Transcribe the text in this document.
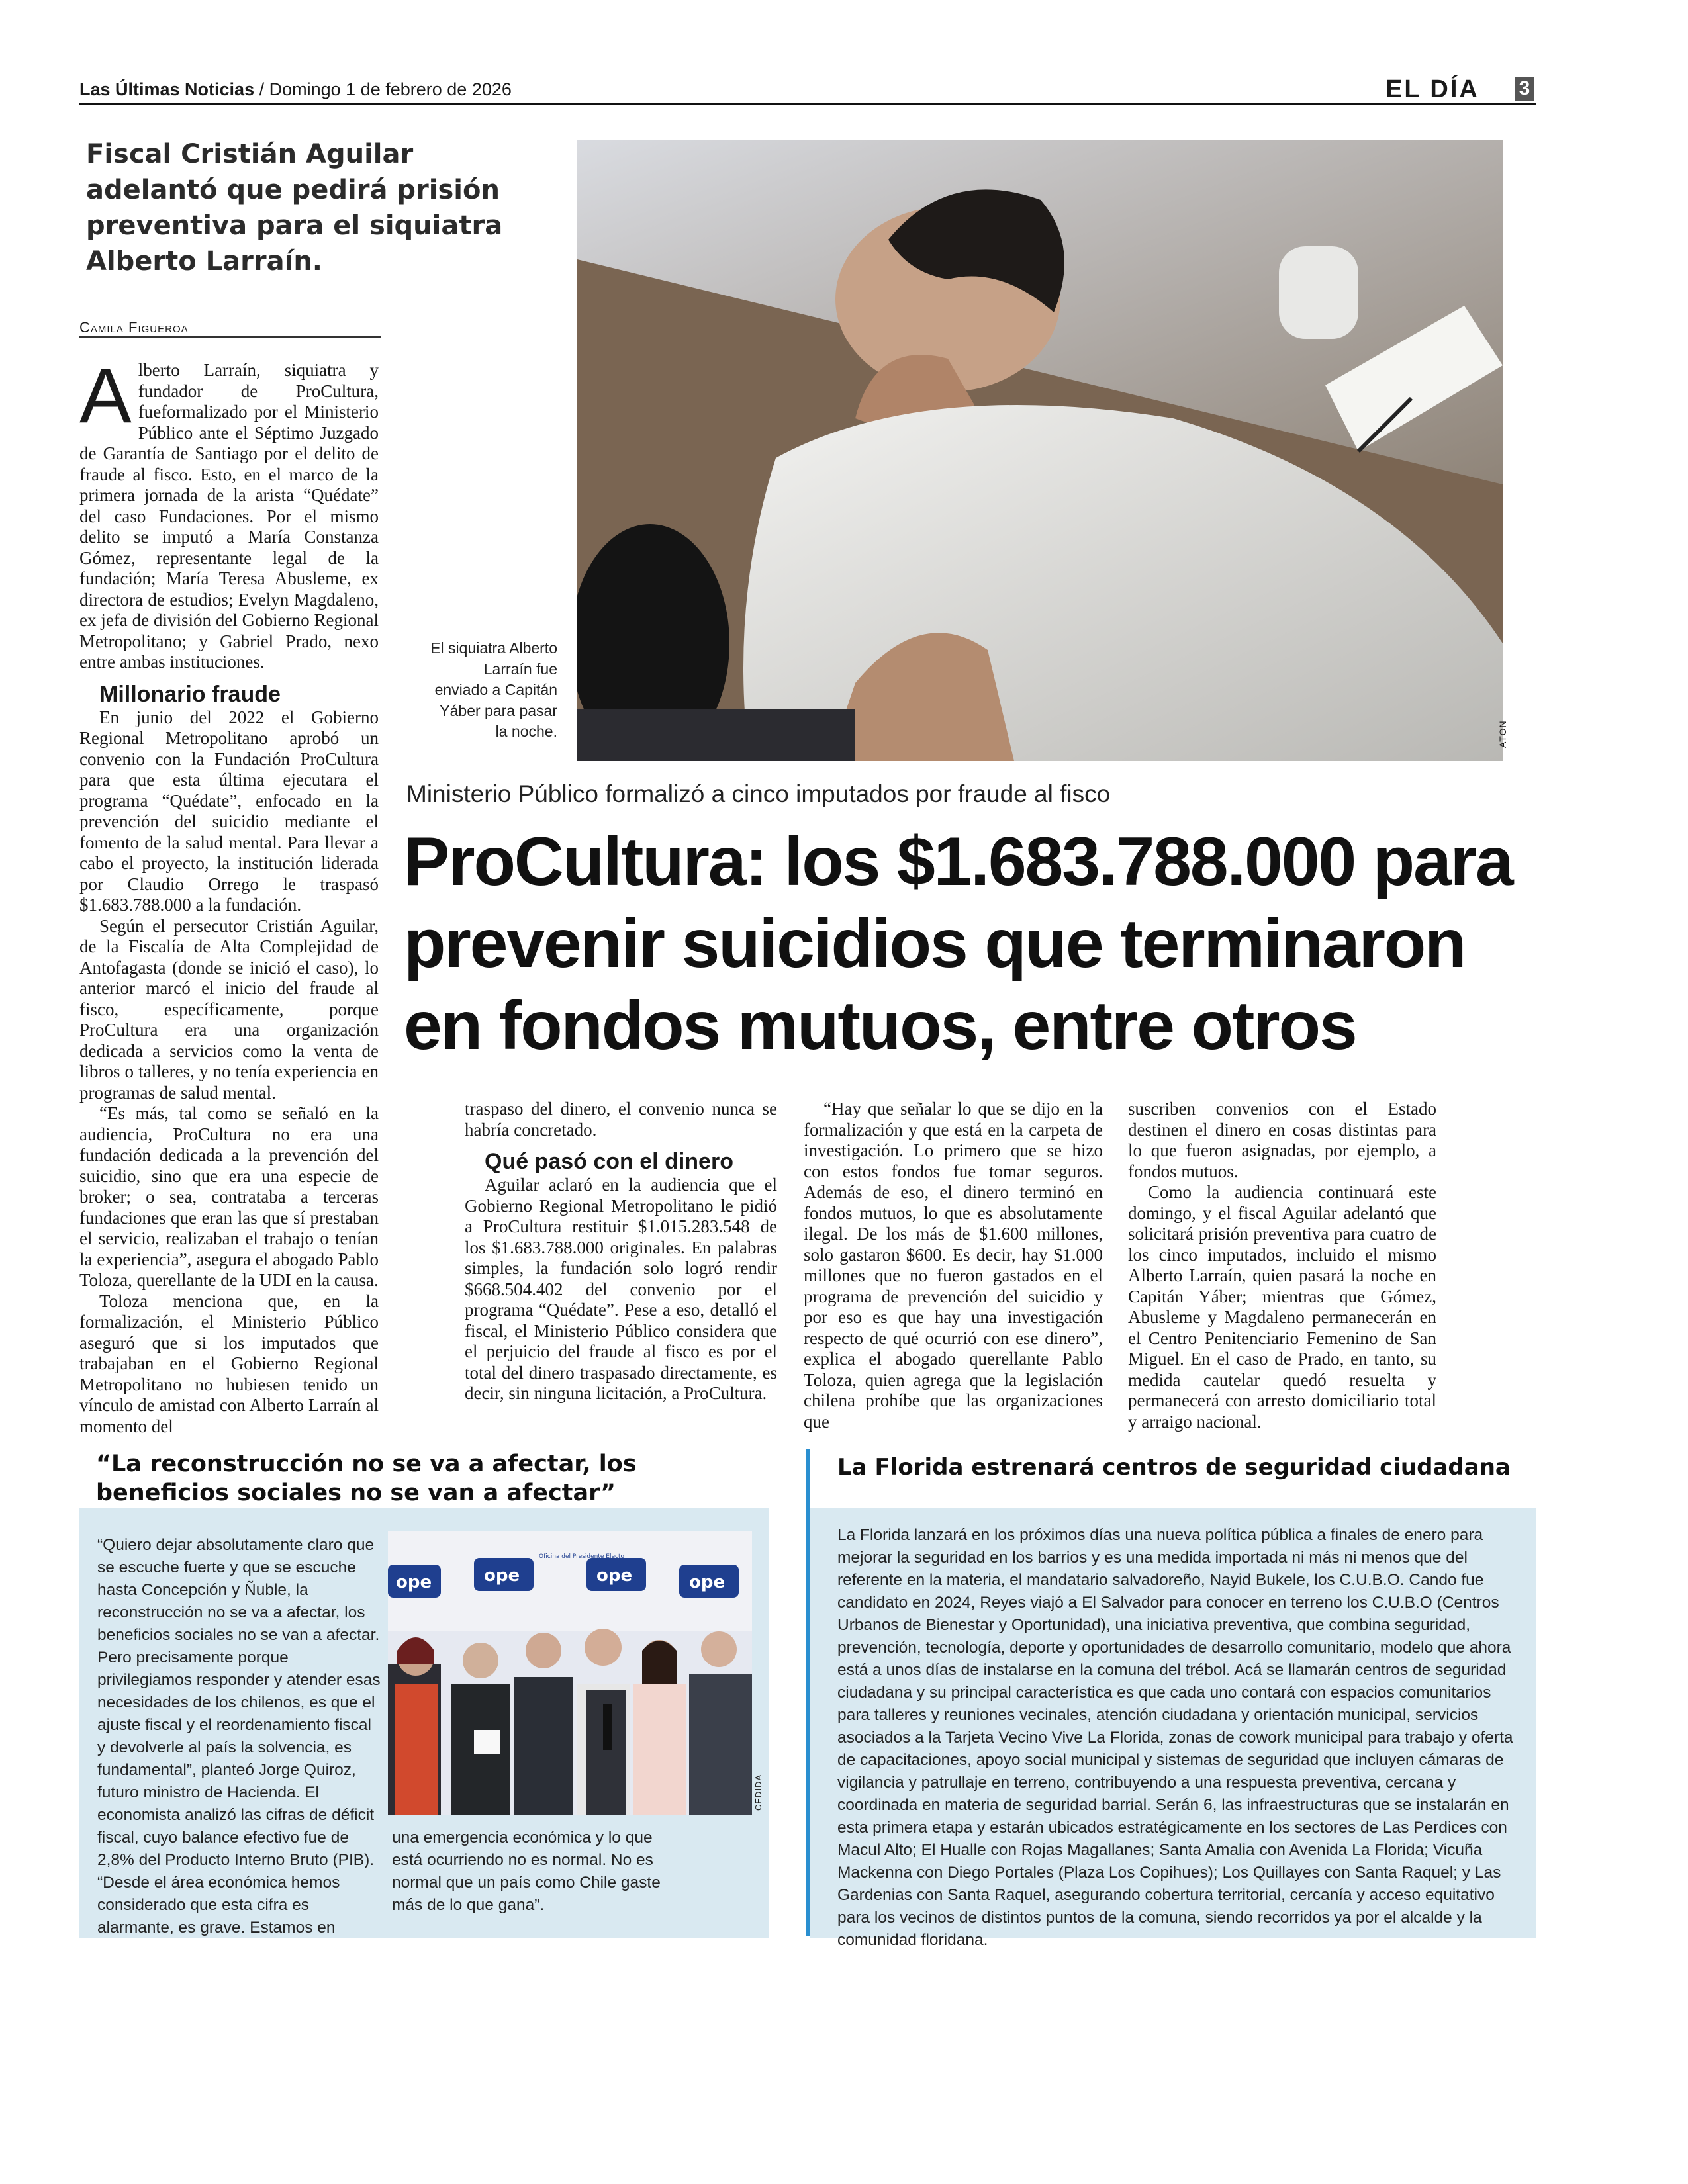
Las Últimas Noticias / Domingo 1 de febrero de 2026	EL DÍA 3
Fiscal Cristián Aguilar adelantó que pedirá prisión preventiva para el siquiatra Alberto Larraín.
Camila Figueroa
El siquiatra Alberto Larraín fue enviado a Capitán Yáber para pasar la noche.	ATON
Ministerio Público formalizó a cinco imputados por fraude al fisco
ProCultura: los $1.683.788.000 para prevenir suicidios que terminaron en fondos mutuos, entre otros
A lberto Larraín, siquiatra y fundador de ProCultura, fueformalizado por el Ministerio Público ante el Séptimo Juzgado de Garantía de Santiago por el delito de fraude al fisco. Esto, en el marco de la primera jornada de la arista “Quédate” del caso Fundaciones. Por el mismo delito se imputó a María Constanza Gómez, representante legal de la fundación; María Teresa Abusleme, ex directora de estudios; Evelyn Magdaleno, ex jefa de división del Gobierno Regional Metropolitano; y Gabriel Prado, nexo entre ambas instituciones.

Millonario fraude

En junio del 2022 el Gobierno Regional Metropolitano aprobó un convenio con la Fundación ProCultura para que esta última ejecutara el programa “Quédate”, enfocado en la prevención del suicidio mediante el fomento de la salud mental. Para llevar a cabo el proyecto, la institución liderada por Claudio Orrego le traspasó $1.683.788.000 a la fundación.

Según el persecutor Cristián Aguilar, de la Fiscalía de Alta Complejidad de Antofagasta (donde se inició el caso), lo anterior marcó el inicio del fraude al fisco, específicamente, porque ProCultura era una organización dedicada a servicios como la venta de libros o talleres, y no tenía experiencia en programas de salud mental.

“Es más, tal como se señaló en la audiencia, ProCultura no era una fundación dedicada a la prevención del suicidio, sino que era una especie de broker; o sea, contrataba a terceras fundaciones que eran las que sí prestaban el servicio, realizaban el trabajo o tenían la experiencia”, asegura el abogado Pablo Toloza, querellante de la UDI en la causa.

Toloza menciona que, en la formalización, el Ministerio Público aseguró que si los imputados que trabajaban en el Gobierno Regional Metropolitano no hubiesen tenido un vínculo de amistad con Alberto Larraín al momento del

traspaso del dinero, el convenio nunca se habría concretado.

Qué pasó con el dinero

Aguilar aclaró en la audiencia que el Gobierno Regional Metropolitano le pidió a ProCultura restituir $1.015.283.548 de los $1.683.788.000 originales. En palabras simples, la fundación solo logró rendir $668.504.402 del convenio por el programa “Quédate”. Pese a eso, detalló el fiscal, el Ministerio Público considera que el perjuicio del fraude al fisco es por el total del dinero traspasado directamente, es decir, sin ninguna licitación, a ProCultura.

“Hay que señalar lo que se dijo en la formalización y que está en la carpeta de investigación. Lo primero que se hizo con estos fondos fue tomar seguros. Además de eso, el dinero terminó en fondos mutuos, lo que es absolutamente ilegal. De los más de $1.600 millones, solo gastaron $600. Es decir, hay $1.000 millones que no fueron gastados en el programa de prevención del suicidio y por eso es que hay una investigación respecto de qué ocurrió con ese dinero”, explica el abogado querellante Pablo Toloza, quien agrega que la legislación chilena prohíbe que las organizaciones que

suscriben convenios con el Estado destinen el dinero en cosas distintas para lo que fueron asignadas, por ejemplo, a fondos mutuos.

Como la audiencia continuará este domingo, y el fiscal Aguilar adelantó que solicitará prisión preventiva para cuatro de los cinco imputados, incluido el mismo Alberto Larraín, quien pasará la noche en Capitán Yáber; mientras que Gómez, Abusleme y Magdaleno permanecerán en el Centro Penitenciario Femenino de San Miguel. En el caso de Prado, en tanto, su medida cautelar quedó resuelta y permanecerá con arresto domiciliario total y arraigo nacional.

“La reconstrucción no se va a afectar, los beneficios sociales no se van a afectar”
“Quiero dejar absolutamente claro que se escuche fuerte y que se escuche hasta Concepción y Ñuble, la reconstrucción no se va a afectar, los beneficios sociales no se van a afectar. Pero precisamente porque privilegiamos responder y atender esas necesidades de los chilenos, es que el ajuste fiscal y el reordenamiento fiscal y devolverle al país la solvencia, es fundamental”, planteó Jorge Quiroz, futuro ministro de Hacienda. El economista analizó las cifras de déficit fiscal, cuyo balance efectivo fue de 2,8% del Producto Interno Bruto (PIB). “Desde el área económica hemos considerado que esta cifra es alarmante, es grave. Estamos en
ope	ope	ope	ope
Oficina del Presidente Electo
CEDIDA
una emergencia económica y lo que está ocurriendo no es normal. No es normal que un país como Chile gaste más de lo que gana”.
La Florida estrenará centros de seguridad ciudadana
La Florida lanzará en los próximos días una nueva política pública a finales de enero para mejorar la seguridad en los barrios y es una medida importada ni más ni menos que del referente en la materia, el mandatario salvadoreño, Nayid Bukele, los C.U.B.O. Cando fue candidato en 2024, Reyes viajó a El Salvador para conocer en terreno los C.U.B.O (Centros Urbanos de Bienestar y Oportunidad), una iniciativa preventiva, que combina seguridad, prevención, tecnología, deporte y oportunidades de desarrollo comunitario, modelo que ahora está a unos días de instalarse en la comuna del trébol. Acá se llamarán centros de seguridad ciudadana y su principal característica es que cada uno contará con espacios comunitarios para talleres y reuniones vecinales, atención ciudadana y orientación municipal, servicios asociados a la Tarjeta Vecino Vive La Florida, zonas de cowork municipal para trabajo y oferta de capacitaciones, apoyo social municipal y sistemas de seguridad que incluyen cámaras de vigilancia y patrullaje en terreno, contribuyendo a una respuesta preventiva, cercana y coordinada en materia de seguridad barrial. Serán 6, las infraestructuras que se instalarán en esta primera etapa y estarán ubicados estratégicamente en los sectores de Las Perdices con Macul Alto; El Hualle con Rojas Magallanes; Santa Amalia con Avenida La Florida; Vicuña Mackenna con Diego Portales (Plaza Los Copihues); Los Quillayes con Santa Raquel; y Las Gardenias con Santa Raquel, asegurando cobertura territorial, cercanía y acceso equitativo para los vecinos de distintos puntos de la comuna, siendo recorridos ya por el alcalde y la comunidad floridana.
